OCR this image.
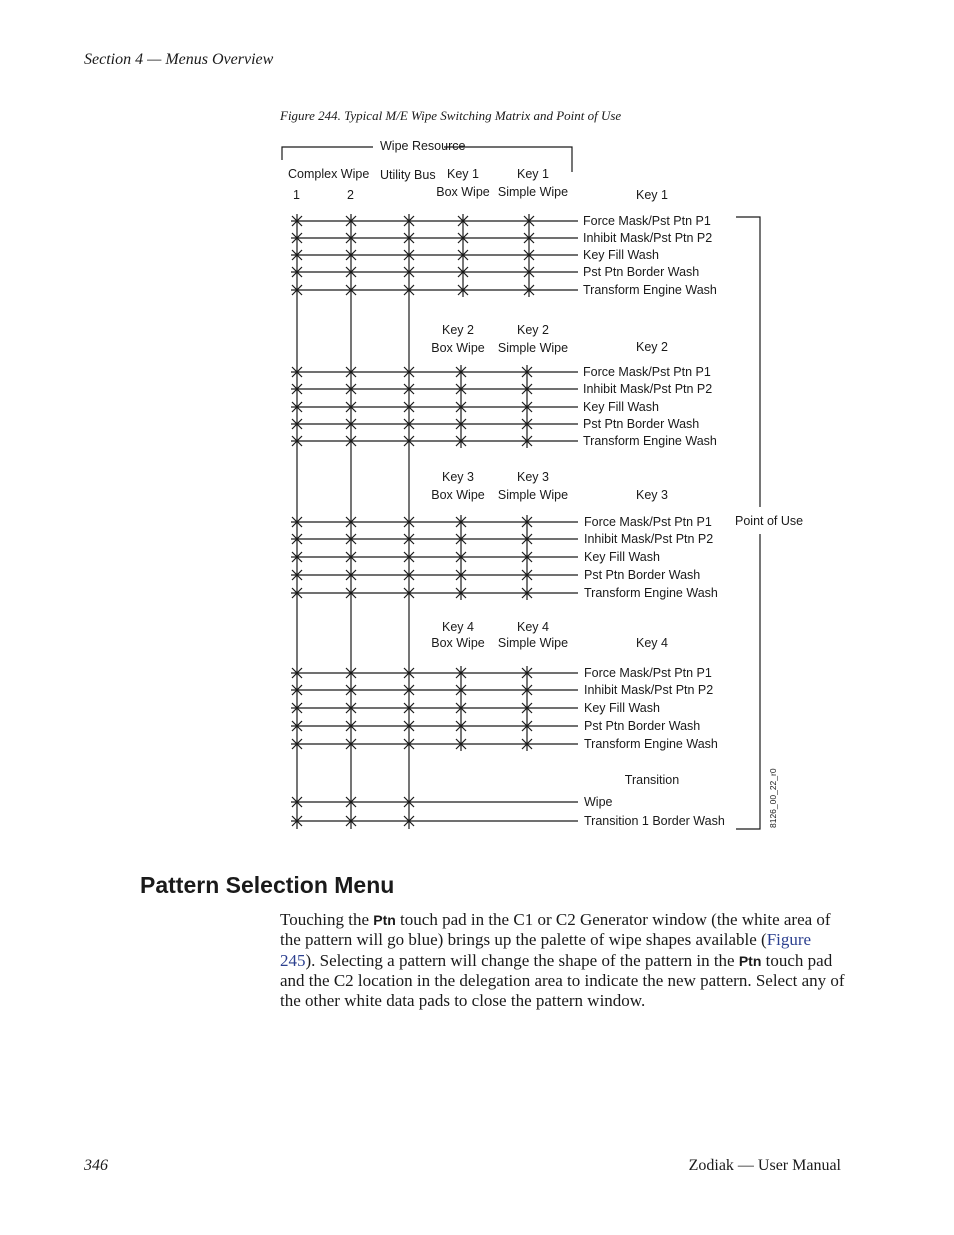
Section 4 — Menus Overview
Figure 244. Typical M/E Wipe Switching Matrix and Point of Use
Wipe Resource
Complex Wipe
1	2
Utility Bus
Point of Use
8126_00_22_r0
Force Mask/Pst Ptn P1
Inhibit Mask/Pst Ptn P2
Key Fill Wash
Pst Ptn Border Wash
Transform Engine Wash
Key 1
Box Wipe
Key 1
Simple Wipe	Key 1
Force Mask/Pst Ptn P1
Inhibit Mask/Pst Ptn P2
Key Fill Wash
Pst Ptn Border Wash
Transform Engine Wash
Key 2
Box Wipe
Key 2
Simple Wipe	Key 2
Force Mask/Pst Ptn P1
Inhibit Mask/Pst Ptn P2
Key Fill Wash
Pst Ptn Border Wash
Transform Engine Wash
Key 3
Box Wipe
Key 3
Simple Wipe	Key 3
Force Mask/Pst Ptn P1
Inhibit Mask/Pst Ptn P2
Key Fill Wash
Pst Ptn Border Wash
Transform Engine Wash
Key 4
Box Wipe
Key 4
Simple Wipe	Key 4
Wipe
Transition 1 Border Wash
Transition
Pattern Selection Menu

Touching the Ptn touch pad in the C1 or C2 Generator window (the white area of the pattern will go blue) brings up the palette of wipe shapes available (Figure 245). Selecting a pattern will change the shape of the pattern in the Ptn touch pad and the C2 location in the delegation area to indicate the new pattern. Select any of the other white data pads to close the pattern window.

346	Zodiak — User Manual
